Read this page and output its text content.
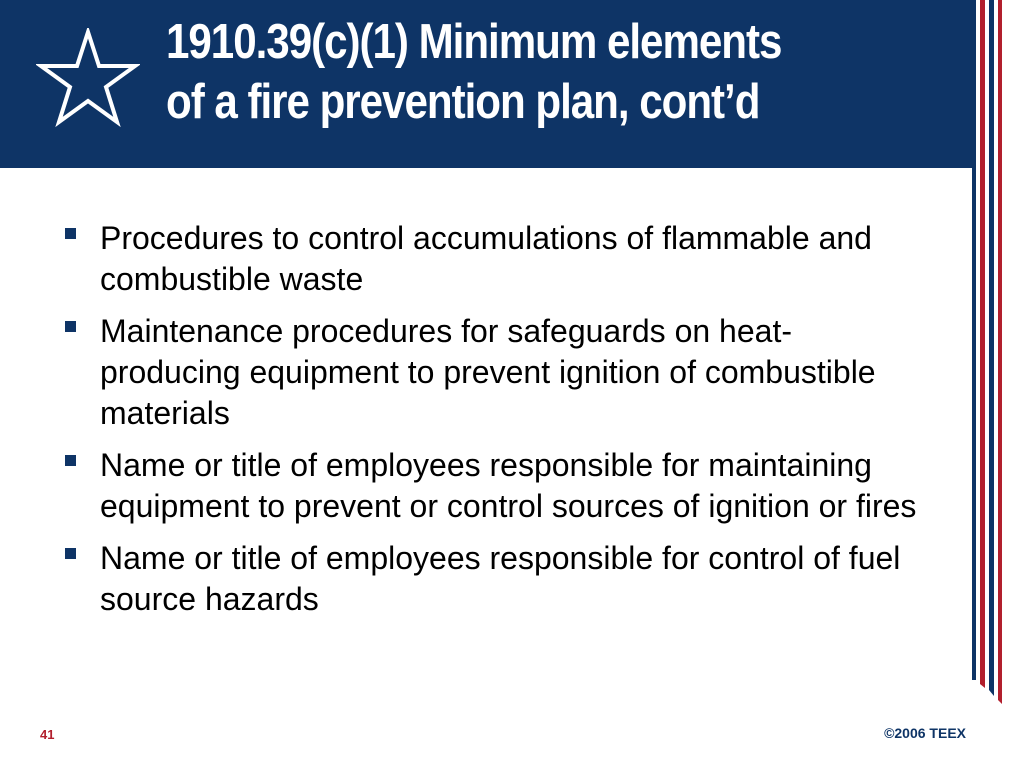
1910.39(c)(1) Minimum elements
of a fire prevention plan, cont’d
Procedures to control accumulations of flammable and combustible waste
Maintenance procedures for safeguards on heat-producing equipment to prevent ignition of combustible materials
Name or title of employees responsible for maintaining equipment to prevent or control sources of ignition or fires
Name or title of employees responsible for control of fuel source hazards
41	©2006 TEEX
